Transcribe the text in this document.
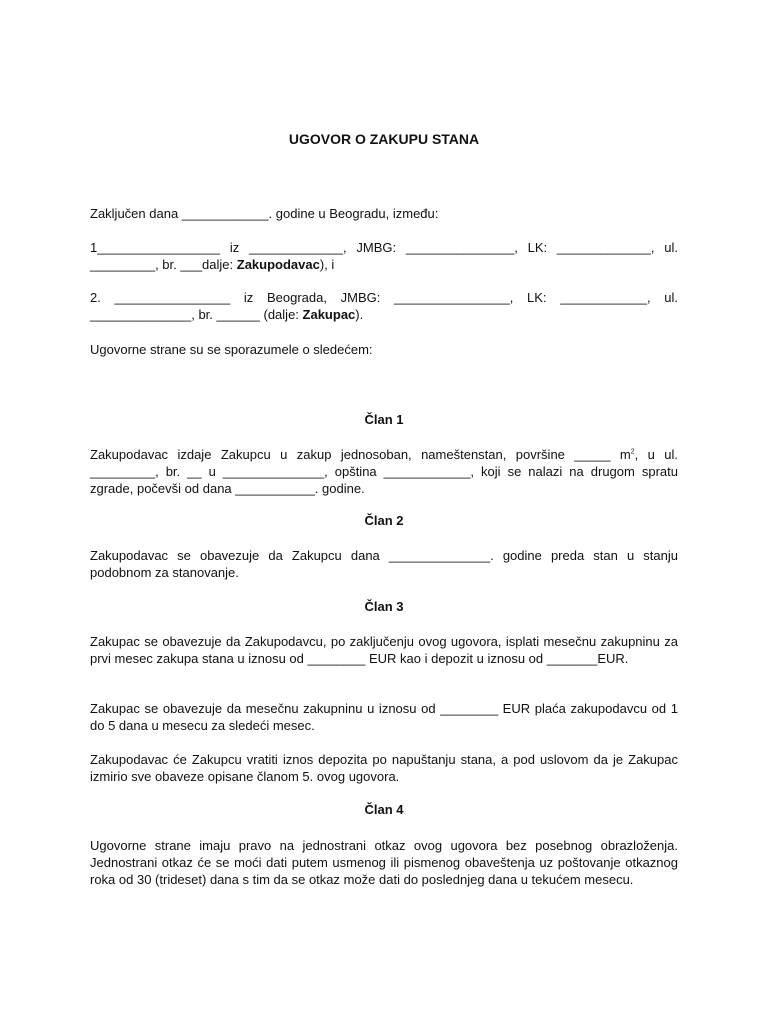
UGOVOR O ZAKUPU STANA

Zaključen dana ____________. godine u Beogradu, između:

1_________________ iz _____________, JMBG: _______________, LK: _____________, ul. _________, br. ___dalje: Zakupodavac), i

2. ________________ iz Beograda, JMBG: ________________, LK: ____________, ul. ______________, br. ______ (dalje: Zakupac).

Ugovorne strane su se sporazumele o sledećem:

Član 1

Zakupodavac izdaje Zakupcu u zakup jednosoban, nameštenstan, površine _____ $m^2$, u ul. _________, br. __ u ______________, opština ____________, koji se nalazi na drugom spratu zgrade, počevši od dana ___________. godine.

Član 2

Zakupodavac se obavezuje da Zakupcu dana ______________. godine preda stan u stanju podobnom za stanovanje.

Član 3

Zakupac se obavezuje da Zakupodavcu, po zaključenju ovog ugovora, isplati mesečnu zakupninu za prvi mesec zakupa stana u iznosu od ________ EUR kao i depozit u iznosu od _______EUR.

Zakupac se obavezuje da mesečnu zakupninu u iznosu od ________ EUR plaća zakupodavcu od 1 do 5 dana u mesecu za sledeći mesec.

Zakupodavac će Zakupcu vratiti iznos depozita po napuštanju stana, a pod uslovom da je Zakupac izmirio sve obaveze opisane članom 5. ovog ugovora.

Član 4

Ugovorne strane imaju pravo na jednostrani otkaz ovog ugovora bez posebnog obrazloženja. Jednostrani otkaz će se moći dati putem usmenog ili pismenog obaveštenja uz poštovanje otkaznog roka od 30 (trideset) dana s tim da se otkaz može dati do poslednjeg dana u tekućem mesecu.
